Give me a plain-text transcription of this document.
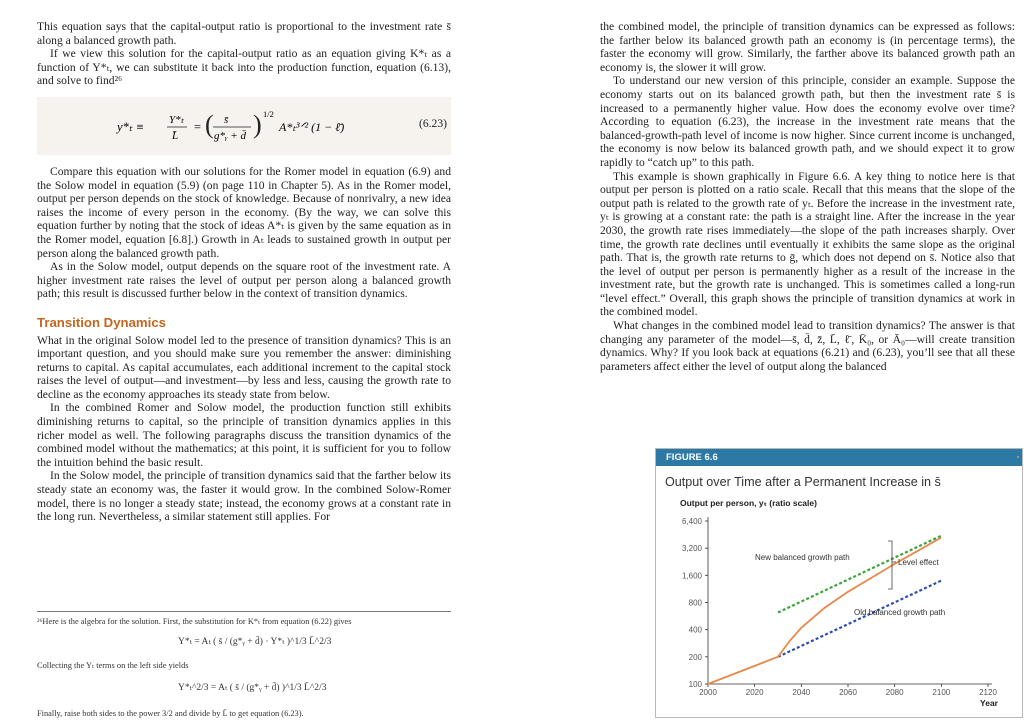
This equation says that the capital-output ratio is proportional to the investment rate s̄ along a balanced growth path.

If we view this solution for the capital-output ratio as an equation giving K*ₜ as a function of Y*ₜ, we can substitute it back into the production function, equation (6.13), and solve to find²⁶

y*ₜ ≡ Y*ₜ
L̄
= ( s̄
g*ᵧ + d̄ ) 1/2
A*ₜ³ᐟ² (1 − ℓ̄)	(6.23)

Compare this equation with our solutions for the Romer model in equation (6.9) and the Solow model in equation (5.9) (on page 110 in Chapter 5). As in the Romer model, output per person depends on the stock of knowledge. Because of nonrivalry, a new idea raises the income of every person in the economy. (By the way, we can solve this equation further by noting that the stock of ideas A*ₜ is given by the same equation as in the Romer model, equation [6.8].) Growth in Aₜ leads to sustained growth in output per person along the balanced growth path.

As in the Solow model, output depends on the square root of the investment rate. A higher investment rate raises the level of output per person along a balanced growth path; this result is discussed further below in the context of transition dynamics.

Transition Dynamics

What in the original Solow model led to the presence of transition dynamics? This is an important question, and you should make sure you remember the answer: diminishing returns to capital. As capital accumulates, each additional increment to the capital stock raises the level of output—and investment—by less and less, causing the growth rate to decline as the economy approaches its steady state from below.

In the combined Romer and Solow model, the production function still exhibits diminishing returns to capital, so the principle of transition dynamics applies in this richer model as well. The following paragraphs discuss the transition dynamics of the combined model without the mathematics; at this point, it is sufficient for you to follow the intuition behind the basic result.

In the Solow model, the principle of transition dynamics said that the farther below its steady state an economy was, the faster it would grow. In the combined Solow-Romer model, there is no longer a steady state; instead, the economy grows at a constant rate in the long run. Nevertheless, a similar statement still applies. For

²⁶Here is the algebra for the solution. First, the substitution for K*ₜ from equation (6.22) gives
Y*ₜ = Aₜ ( s̄ / (g*ᵧ + d̄) · Y*ₜ )^1/3 L̄^2/3
Collecting the Yₜ terms on the left side yields
Y*ₜ^2/3 = Aₜ ( s̄ / (g*ᵧ + d̄) )^1/3 L̄^2/3
Finally, raise both sides to the power 3/2 and divide by L̄ to get equation (6.23).

the combined model, the principle of transition dynamics can be expressed as follows: the farther below its balanced growth path an economy is (in percentage terms), the faster the economy will grow. Similarly, the farther above its balanced growth path an economy is, the slower it will grow.

To understand our new version of this principle, consider an example. Suppose the economy starts out on its balanced growth path, but then the investment rate s̄ is increased to a permanently higher value. How does the economy evolve over time? According to equation (6.23), the increase in the investment rate means that the balanced-growth-path level of income is now higher. Since current income is unchanged, the economy is now below its balanced growth path, and we should expect it to grow rapidly to “catch up” to this path.

This example is shown graphically in Figure 6.6. A key thing to notice here is that output per person is plotted on a ratio scale. Recall that this means that the slope of the output path is related to the growth rate of yₜ. Before the increase in the investment rate, yₜ is growing at a constant rate: the path is a straight line. After the increase in the year 2030, the growth rate rises immediately—the slope of the path increases sharply. Over time, the growth rate declines until eventually it exhibits the same slope as the original path. That is, the growth rate returns to ḡ, which does not depend on s̄. Notice also that the level of output per person is permanently higher as a result of the increase in the investment rate, but the growth rate is unchanged. This is sometimes called a long-run “level effect.” Overall, this graph shows the principle of transition dynamics at work in the combined model.

What changes in the combined model lead to transition dynamics? The answer is that changing any parameter of the model—s̄, d̄, z̄, L̄, ℓ̄, K̄₀, or Ā₀—will create transition dynamics. Why? If you look back at equations (6.21) and (6.23), you’ll see that all these parameters affect either the level of output along the balanced

FIGURE 6.6
Output over Time after a Permanent Increase in s̄
Output per person, yₜ (ratio scale)
Year
100
200
400
800
1,600
3,200
6,400
2000	2020	2040	2060	2080	2100	2120
New balanced growth path
Old balanced growth path
Level effect
